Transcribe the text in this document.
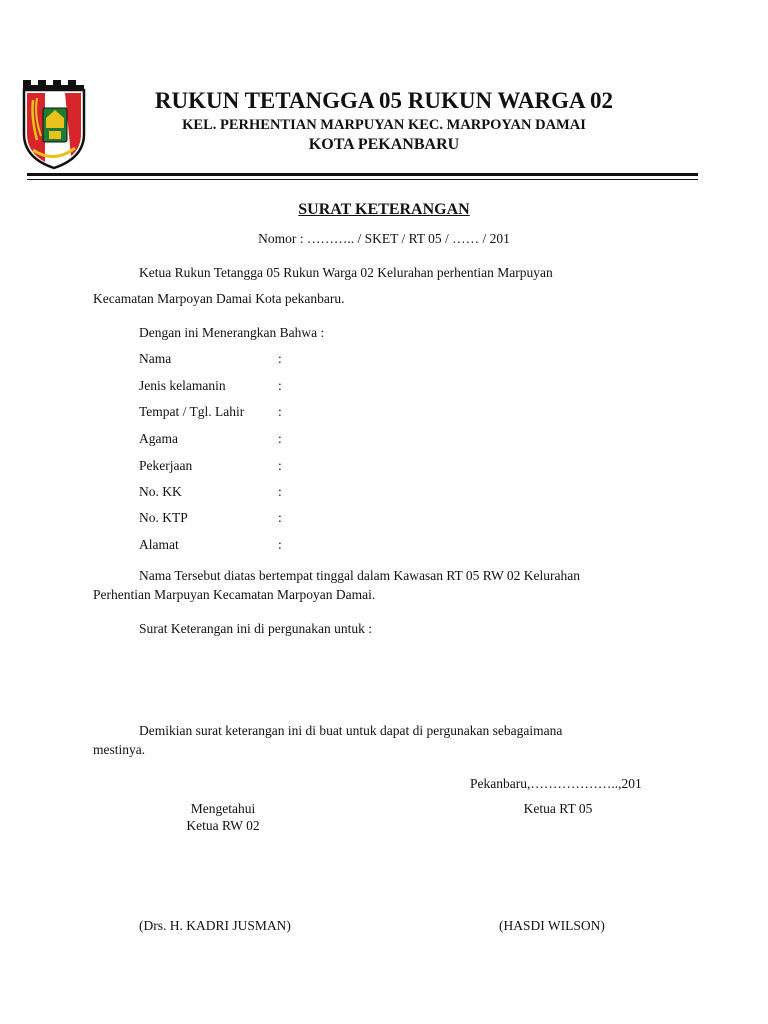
RUKUN TETANGGA 05 RUKUN WARGA 02
KEL. PERHENTIAN MARPUYAN KEC. MARPOYAN DAMAI
KOTA PEKANBARU
SURAT KETERANGAN
Nomor : ……….. / SKET / RT 05 / …… / 201
Ketua Rukun Tetangga 05 Rukun Warga 02 Kelurahan perhentian Marpuyan
Kecamatan Marpoyan Damai Kota pekanbaru.
Dengan ini Menerangkan Bahwa :
Nama	:
Jenis kelamanin	:
Tempat / Tgl. Lahir :
Agama	:
Pekerjaan	:
No. KK	:
No. KTP	:
Alamat	:
Nama Tersebut diatas bertempat tinggal dalam Kawasan RT 05 RW 02 Kelurahan
Perhentian Marpuyan Kecamatan Marpoyan Damai.
Surat Keterangan ini di pergunakan untuk :
Demikian surat keterangan ini di buat untuk dapat di pergunakan sebagaimana
mestinya.
Pekanbaru,………………..,201
Mengetahui
Ketua RW 02
Ketua RT 05
(Drs. H. KADRI JUSMAN)	(HASDI WILSON)
